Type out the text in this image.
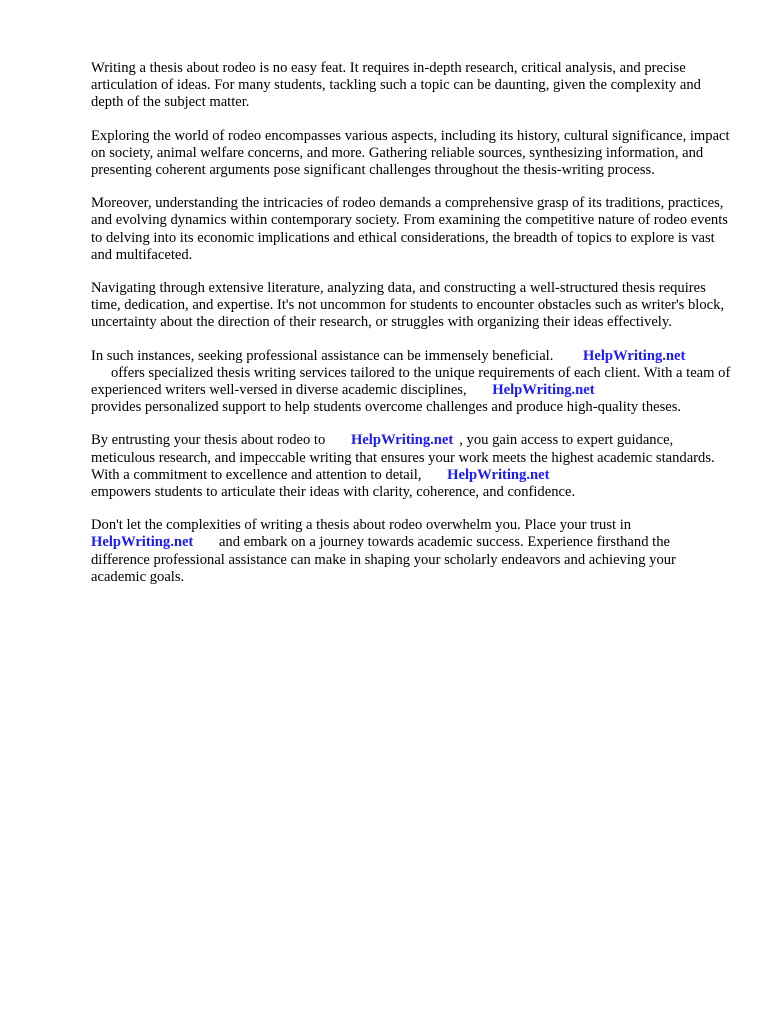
Writing a thesis about rodeo is no easy feat. It requires in-depth research, critical analysis, and precise articulation of ideas. For many students, tackling such a topic can be daunting, given the complexity and depth of the subject matter.

Exploring the world of rodeo encompasses various aspects, including its history, cultural significance, impact on society, animal welfare concerns, and more. Gathering reliable sources, synthesizing information, and presenting coherent arguments pose significant challenges throughout the thesis-writing process.

Moreover, understanding the intricacies of rodeo demands a comprehensive grasp of its traditions, practices, and evolving dynamics within contemporary society. From examining the competitive nature of rodeo events to delving into its economic implications and ethical considerations, the breadth of topics to explore is vast and multifaceted.

Navigating through extensive literature, analyzing data, and constructing a well-structured thesis requires time, dedication, and expertise. It's not uncommon for students to encounter obstacles such as writer's block, uncertainty about the direction of their research, or struggles with organizing their ideas effectively.

In such instances, seeking professional assistance can be immensely beneficial. HelpWriting.net
offers specialized thesis writing services tailored to the unique requirements of each client. With a team of experienced writers well-versed in diverse academic disciplines, HelpWriting.net
provides personalized support to help students overcome challenges and produce high-quality theses.

By entrusting your thesis about rodeo to HelpWriting.net , you gain access to expert guidance, meticulous research, and impeccable writing that ensures your work meets the highest academic standards. With a commitment to excellence and attention to detail, HelpWriting.net
empowers students to articulate their ideas with clarity, coherence, and confidence.

Don't let the complexities of writing a thesis about rodeo overwhelm you. Place your trust in
HelpWriting.net and embark on a journey towards academic success. Experience firsthand the difference professional assistance can make in shaping your scholarly endeavors and achieving your academic goals.
